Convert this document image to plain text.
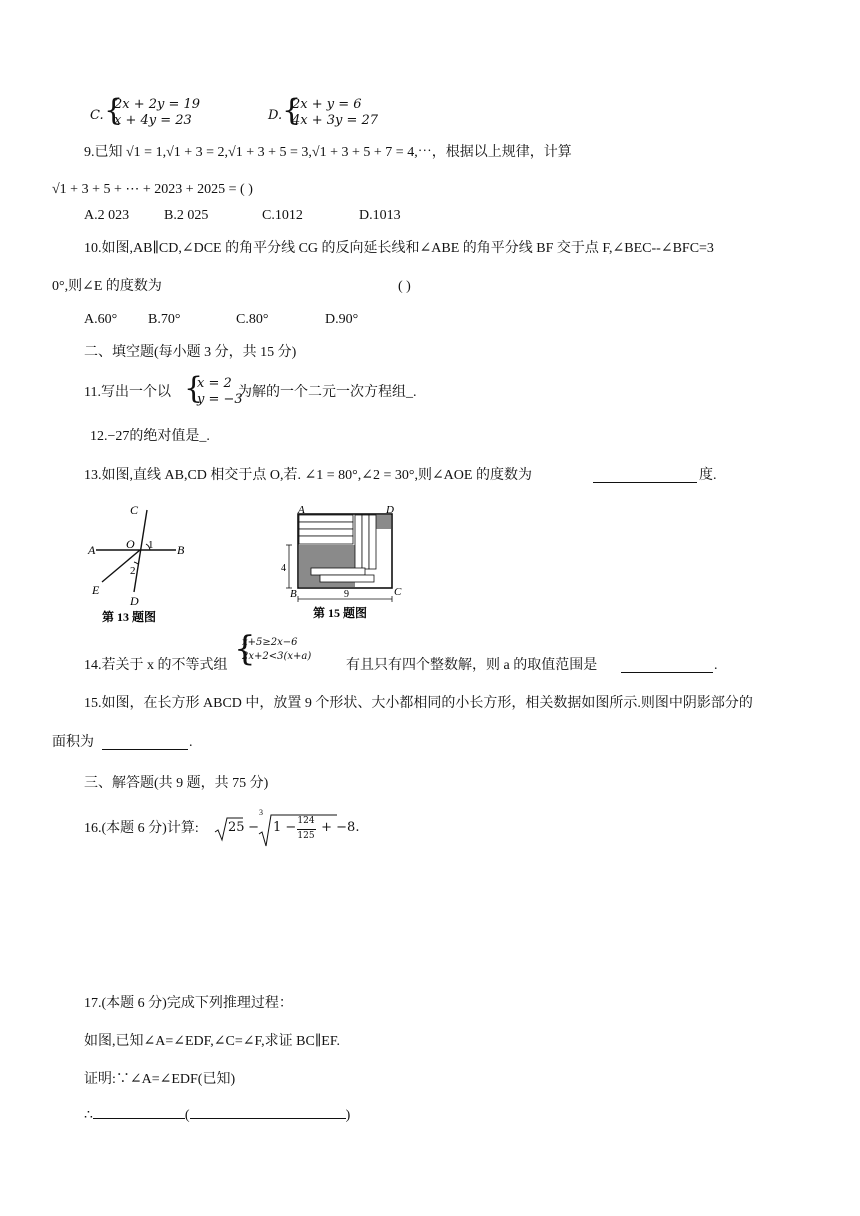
C. {
2x + 2y = 19
x + 4y = 23	D. {
2x + y = 6
4x + 3y = 27
9.已知 √1 = 1,√1 + 3 = 2,√1 + 3 + 5 = 3,√1 + 3 + 5 + 7 = 4,⋯，根据以上规律，计算
√1 + 3 + 5 + ⋯ + 2023 + 2025 = ( )
A.2 023 B.2 025	C.1012	D.1013
10.如图,AB∥CD,∠DCE 的角平分线 CG 的反向延长线和∠ABE 的角平分线 BF 交于点 F,∠BEC--∠BFC=3
0°,则∠E 的度数为	( )
A.60° B.70°	C.80°	D.90°
二、填空题(每小题 3 分，共 15 分)
11.写出一个以 {
x = 2
y = −3
为解的一个二元一次方程组_.
12.−27的绝对值是_.
13.如图,直线 AB,CD 相交于点 O,若. ∠1 = 80°,∠2 = 30°,则∠AOE 的度数为	度.
C
A	O 1 B
2
E
D
第 13 题图
A	D
B	C
4
9
第 15 题图
14.若关于 x 的不等式组 {
x+5≥2x−6
2x+2<3(x+a)
有且只有四个整数解，则 a 的取值范围是	.
15.如图，在长方形 ABCD 中，放置 9 个形状、大小都相同的小长方形，相关数据如图所示.则图中阴影部分的
面积为	.
三、解答题(共 9 题，共 75 分)
16.(本题 6 分)计算: 25 −
3
1 −
124
125
+ −8.
17.(本题 6 分)完成下列推理过程：
如图,已知∠A=∠EDF,∠C=∠F,求证 BC∥EF.
证明:∵∠A=∠EDF(已知)
∴	(	)
